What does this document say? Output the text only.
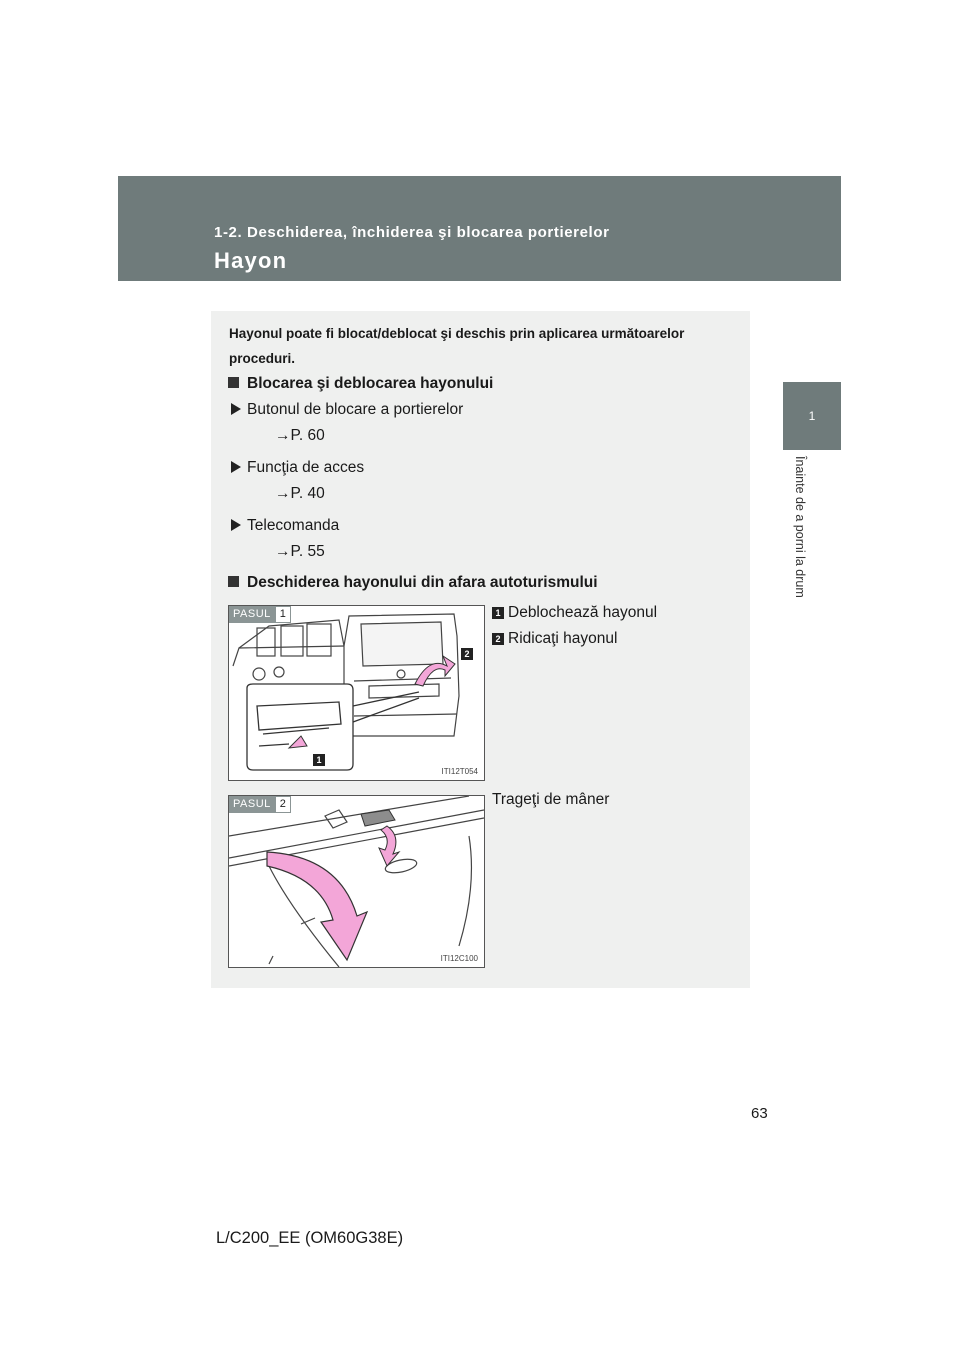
1-2. Deschiderea, închiderea şi blocarea portierelor
Hayon
1
Înainte de a porni la drum
Hayonul poate fi blocat/deblocat şi deschis prin aplicarea următoarelor proceduri.
Blocarea şi deblocarea hayonului
Butonul de blocare a portierelor
→P. 60
Funcţia de acces
→P. 40
Telecomanda
→P. 55
Deschiderea hayonului din afara autoturismului
PASUL 1
1
2
ITI12T054
1 Deblochează hayonul
2 Ridicaţi hayonul
PASUL 2
ITI12C100
Trageţi de mâner
63
L/C200_EE (OM60G38E)
